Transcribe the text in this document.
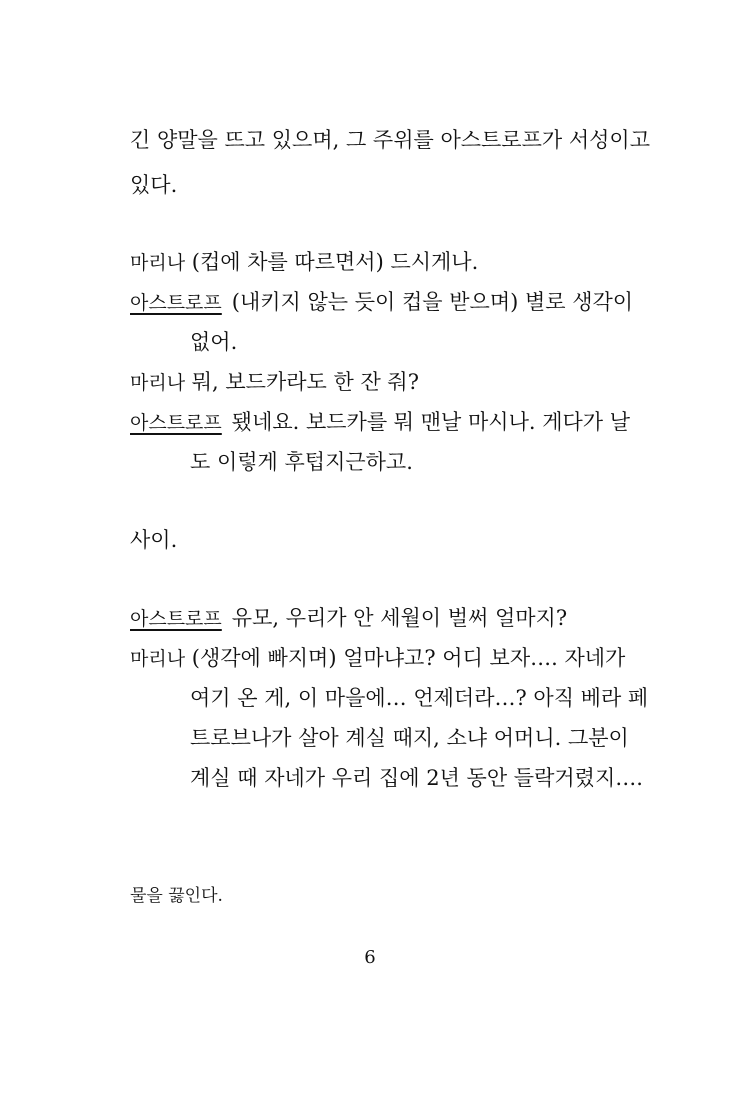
긴 양말을 뜨고 있으며, 그 주위를 아스트로프가 서성이고
있다.
마리나 (컵에 차를 따르면서) 드시게나.
아스트로프 (내키지 않는 듯이 컵을 받으며) 별로 생각이
없어.
마리나 뭐, 보드카라도 한 잔 줘?
아스트로프 됐네요. 보드카를 뭐 맨날 마시나. 게다가 날
도 이렇게 후텁지근하고.
사이.
아스트로프 유모, 우리가 안 세월이 벌써 얼마지?
마리나 (생각에 빠지며) 얼마냐고? 어디 보자…. 자네가
여기 온 게, 이 마을에… 언제더라…? 아직 베라 페
트로브나가 살아 계실 때지, 소냐 어머니. 그분이
계실 때 자네가 우리 집에 2년 동안 들락거렸지….
물을 끓인다.
6
